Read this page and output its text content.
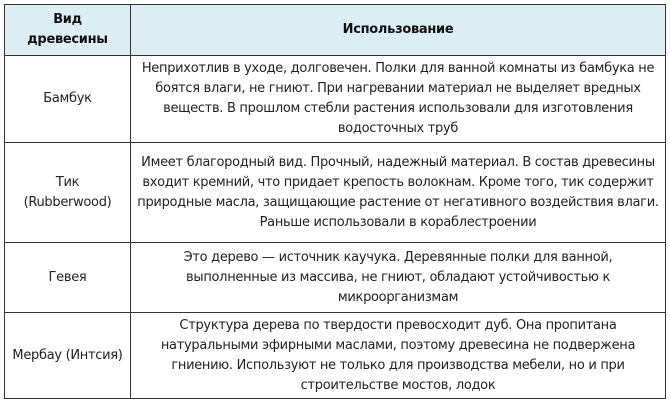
Вид древесины	Использование
Бамбук	Неприхотлив в уходе, долговечен. Полки для ванной комнаты из бамбука не боятся влаги, не гниют. При нагревании материал не выделяет вредных веществ. В прошлом стебли растения использовали для изготовления водосточных труб
Тик (Rubberwood)	Имеет благородный вид. Прочный, надежный материал. В состав древесины входит кремний, что придает крепость волокнам. Кроме того, тик содержит природные масла, защищающие растение от негативного воздействия влаги. Раньше использовали в кораблестроении
Гевея	Это дерево — источник каучука. Деревянные полки для ванной, выполненные из массива, не гниют, обладают устойчивостью к микроорганизмам
Мербау (Интсия)	Структура дерева по твердости превосходит дуб. Она пропитана натуральными эфирными маслами, поэтому древесина не подвержена гниению. Используют не только для производства мебели, но и при строительстве мостов, лодок
